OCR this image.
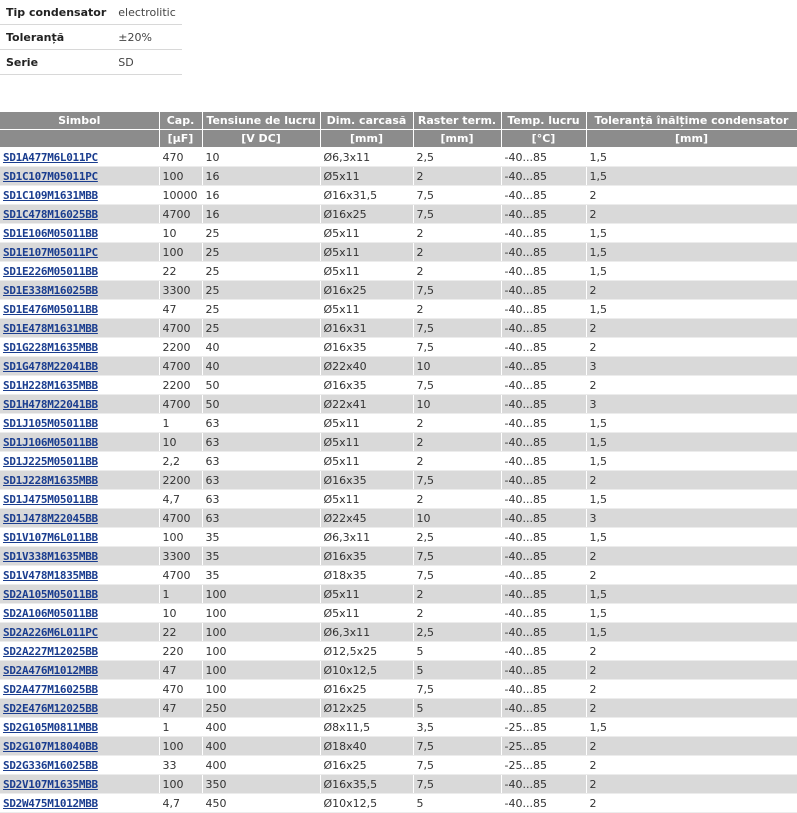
Tip condensator	electrolitic
Toleranță	±20%
Serie	SD
Simbol	Cap.	Tensiune de lucru	Dim. carcasă	Raster term.	Temp. lucru	Toleranță înălțime condensator
	[µF]	[V DC]	[mm]	[mm]	[°C]	[mm]
SD1A477M6L011PC	470	10	Ø6,3x11	2,5	-40...85	1,5
SD1C107M05011PC	100	16	Ø5x11	2	-40...85	1,5
SD1C109M1631MBB	10000	16	Ø16x31,5	7,5	-40...85	2
SD1C478M16025BB	4700	16	Ø16x25	7,5	-40...85	2
SD1E106M05011BB	10	25	Ø5x11	2	-40...85	1,5
SD1E107M05011PC	100	25	Ø5x11	2	-40...85	1,5
SD1E226M05011BB	22	25	Ø5x11	2	-40...85	1,5
SD1E338M16025BB	3300	25	Ø16x25	7,5	-40...85	2
SD1E476M05011BB	47	25	Ø5x11	2	-40...85	1,5
SD1E478M1631MBB	4700	25	Ø16x31	7,5	-40...85	2
SD1G228M1635MBB	2200	40	Ø16x35	7,5	-40...85	2
SD1G478M22041BB	4700	40	Ø22x40	10	-40...85	3
SD1H228M1635MBB	2200	50	Ø16x35	7,5	-40...85	2
SD1H478M22041BB	4700	50	Ø22x41	10	-40...85	3
SD1J105M05011BB	1	63	Ø5x11	2	-40...85	1,5
SD1J106M05011BB	10	63	Ø5x11	2	-40...85	1,5
SD1J225M05011BB	2,2	63	Ø5x11	2	-40...85	1,5
SD1J228M1635MBB	2200	63	Ø16x35	7,5	-40...85	2
SD1J475M05011BB	4,7	63	Ø5x11	2	-40...85	1,5
SD1J478M22045BB	4700	63	Ø22x45	10	-40...85	3
SD1V107M6L011BB	100	35	Ø6,3x11	2,5	-40...85	1,5
SD1V338M1635MBB	3300	35	Ø16x35	7,5	-40...85	2
SD1V478M1835MBB	4700	35	Ø18x35	7,5	-40...85	2
SD2A105M05011BB	1	100	Ø5x11	2	-40...85	1,5
SD2A106M05011BB	10	100	Ø5x11	2	-40...85	1,5
SD2A226M6L011PC	22	100	Ø6,3x11	2,5	-40...85	1,5
SD2A227M12025BB	220	100	Ø12,5x25	5	-40...85	2
SD2A476M1012MBB	47	100	Ø10x12,5	5	-40...85	2
SD2A477M16025BB	470	100	Ø16x25	7,5	-40...85	2
SD2E476M12025BB	47	250	Ø12x25	5	-40...85	2
SD2G105M0811MBB	1	400	Ø8x11,5	3,5	-25...85	1,5
SD2G107M18040BB	100	400	Ø18x40	7,5	-25...85	2
SD2G336M16025BB	33	400	Ø16x25	7,5	-25...85	2
SD2V107M1635MBB	100	350	Ø16x35,5	7,5	-40...85	2
SD2W475M1012MBB	4,7	450	Ø10x12,5	5	-40...85	2
